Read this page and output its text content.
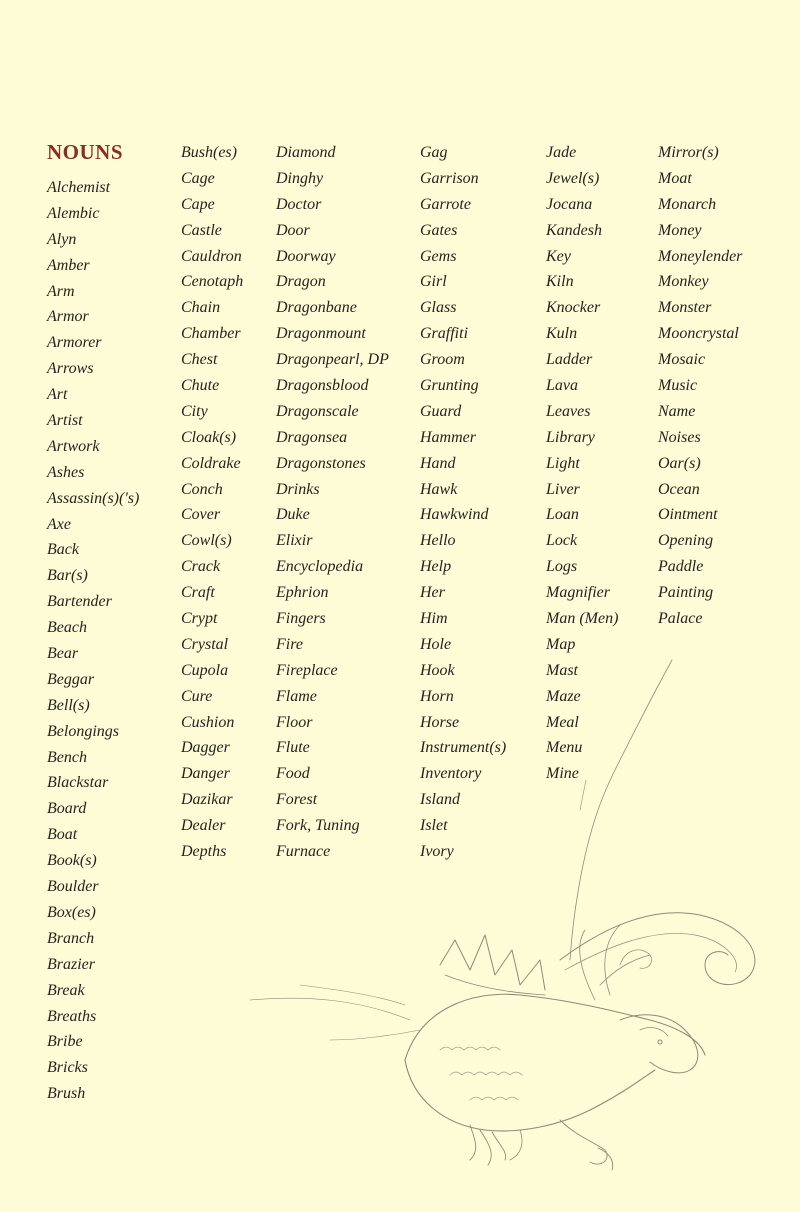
NOUNS
Alchemist
Alembic
Alyn
Amber
Arm
Armor
Armorer
Arrows
Art
Artist
Artwork
Ashes
Assassin(s)('s)
Axe
Back
Bar(s)
Bartender
Beach
Bear
Beggar
Bell(s)
Belongings
Bench
Blackstar
Board
Boat
Book(s)
Boulder
Box(es)
Branch
Brazier
Break
Breaths
Bribe
Bricks
Brush
Bush(es)
Cage
Cape
Castle
Cauldron
Cenotaph
Chain
Chamber
Chest
Chute
City
Cloak(s)
Coldrake
Conch
Cover
Cowl(s)
Crack
Craft
Crypt
Crystal
Cupola
Cure
Cushion
Dagger
Danger
Dazikar
Dealer
Depths
Diamond
Dinghy
Doctor
Door
Doorway
Dragon
Dragonbane
Dragonmount
Dragonpearl, DP
Dragonsblood
Dragonscale
Dragonsea
Dragonstones
Drinks
Duke
Elixir
Encyclopedia
Ephrion
Fingers
Fire
Fireplace
Flame
Floor
Flute
Food
Forest
Fork, Tuning
Furnace
Gag
Garrison
Garrote
Gates
Gems
Girl
Glass
Graffiti
Groom
Grunting
Guard
Hammer
Hand
Hawk
Hawkwind
Hello
Help
Her
Him
Hole
Hook
Horn
Horse
Instrument(s)
Inventory
Island
Islet
Ivory
Jade
Jewel(s)
Jocana
Kandesh
Key
Kiln
Knocker
Kuln
Ladder
Lava
Leaves
Library
Light
Liver
Loan
Lock
Logs
Magnifier
Man (Men)
Map
Mast
Maze
Meal
Menu
Mine
Mirror(s)
Moat
Monarch
Money
Moneylender
Monkey
Monster
Mooncrystal
Mosaic
Music
Name
Noises
Oar(s)
Ocean
Ointment
Opening
Paddle
Painting
Palace
